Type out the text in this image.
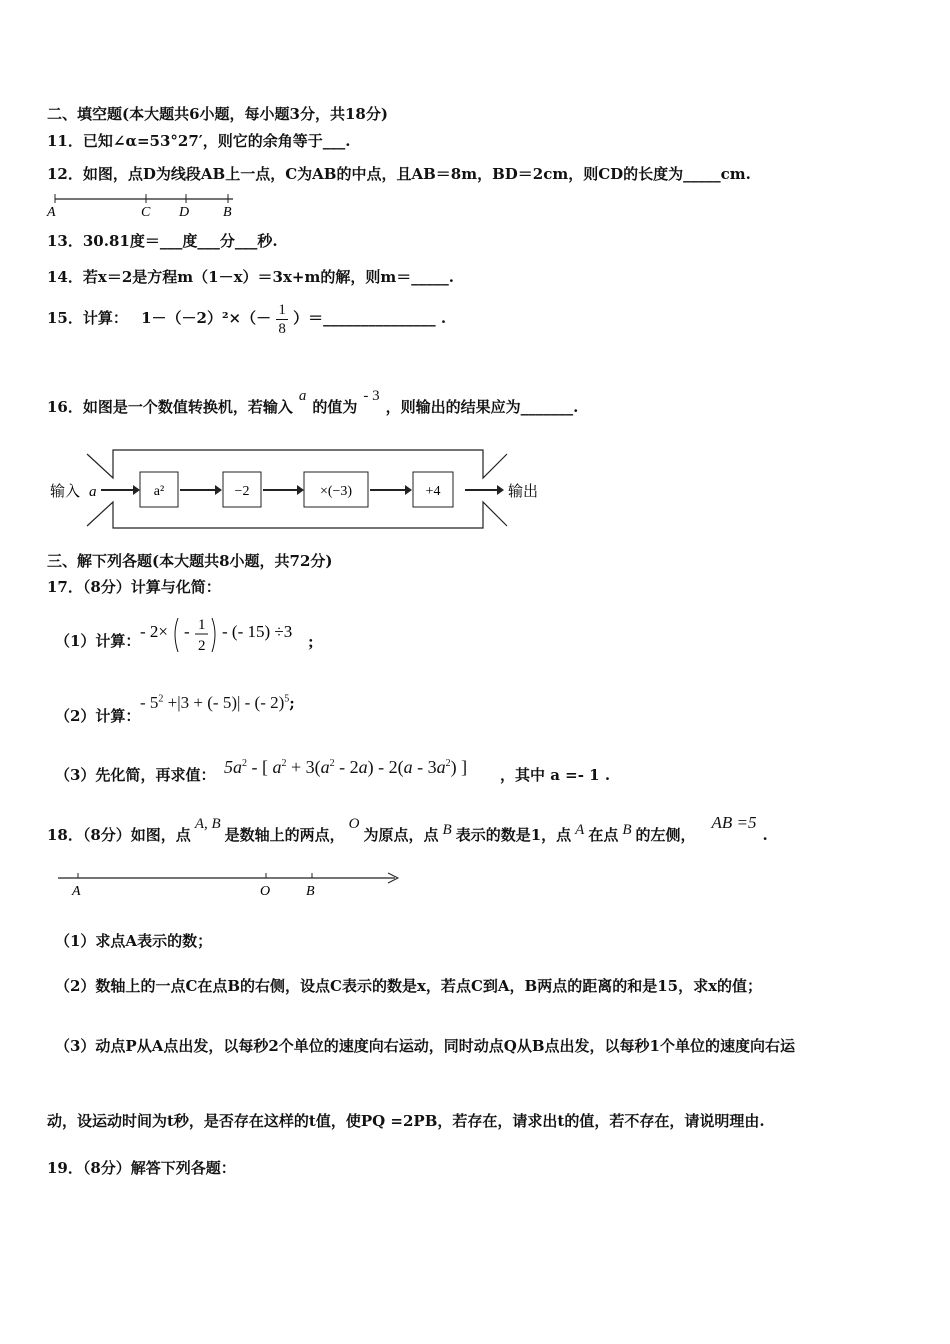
二、填空题(本大题共6小题，每小题3分，共18分)
11．已知∠α=53°27′，则它的余角等于___.
12．如图，点D为线段AB上一点，C为AB的中点，且AB＝8m，BD＝2cm，则CD的长度为_____cm.
A	C D B
13．30.81度＝___度___分___秒.
14．若x＝2是方程m（1－x）＝3x+m的解，则m＝_____.
15．计算： $1-(-2)^2\times(- \frac{1}{8}$ ）＝_______________ .
16．如图是一个数值转换机，若输入a的值为- 3，则输出的结果应为_______.
输入 a	a²	−2	×(−3)	+4	输出
三、解下列各题(本大题共8小题，共72分)
17．（8分）计算与化简：
（1）计算： - 2× - 1
2
- (- 15) ÷3
;
（2）计算：
- $5^2 +|3$ + (- 5)| - (- 2)$^5$;
（3）先化简，再求值： $5a^2$ - [ $a^2 + 3(a^2 - 2a) - 2(a - 3a^2)$ ] ，其中 a =- 1 .
18．（8分）如图，点A, B是数轴上的两点，O为原点，点 B 表示的数是1，点 A 在点 B 的左侧，AB =5.
A	O	B
（1）求点A表示的数；
（2）数轴上的一点C在点B的右侧，设点C表示的数是x，若点C到A，B两点的距离的和是15，求x的值；
（3）动点P从A点出发，以每秒2个单位的速度向右运动，同时动点Q从B点出发，以每秒1个单位的速度向右运
动，设运动时间为t秒，是否存在这样的t值，使PQ =2PB，若存在，请求出t的值，若不存在，请说明理由.
19．（8分）解答下列各题：
